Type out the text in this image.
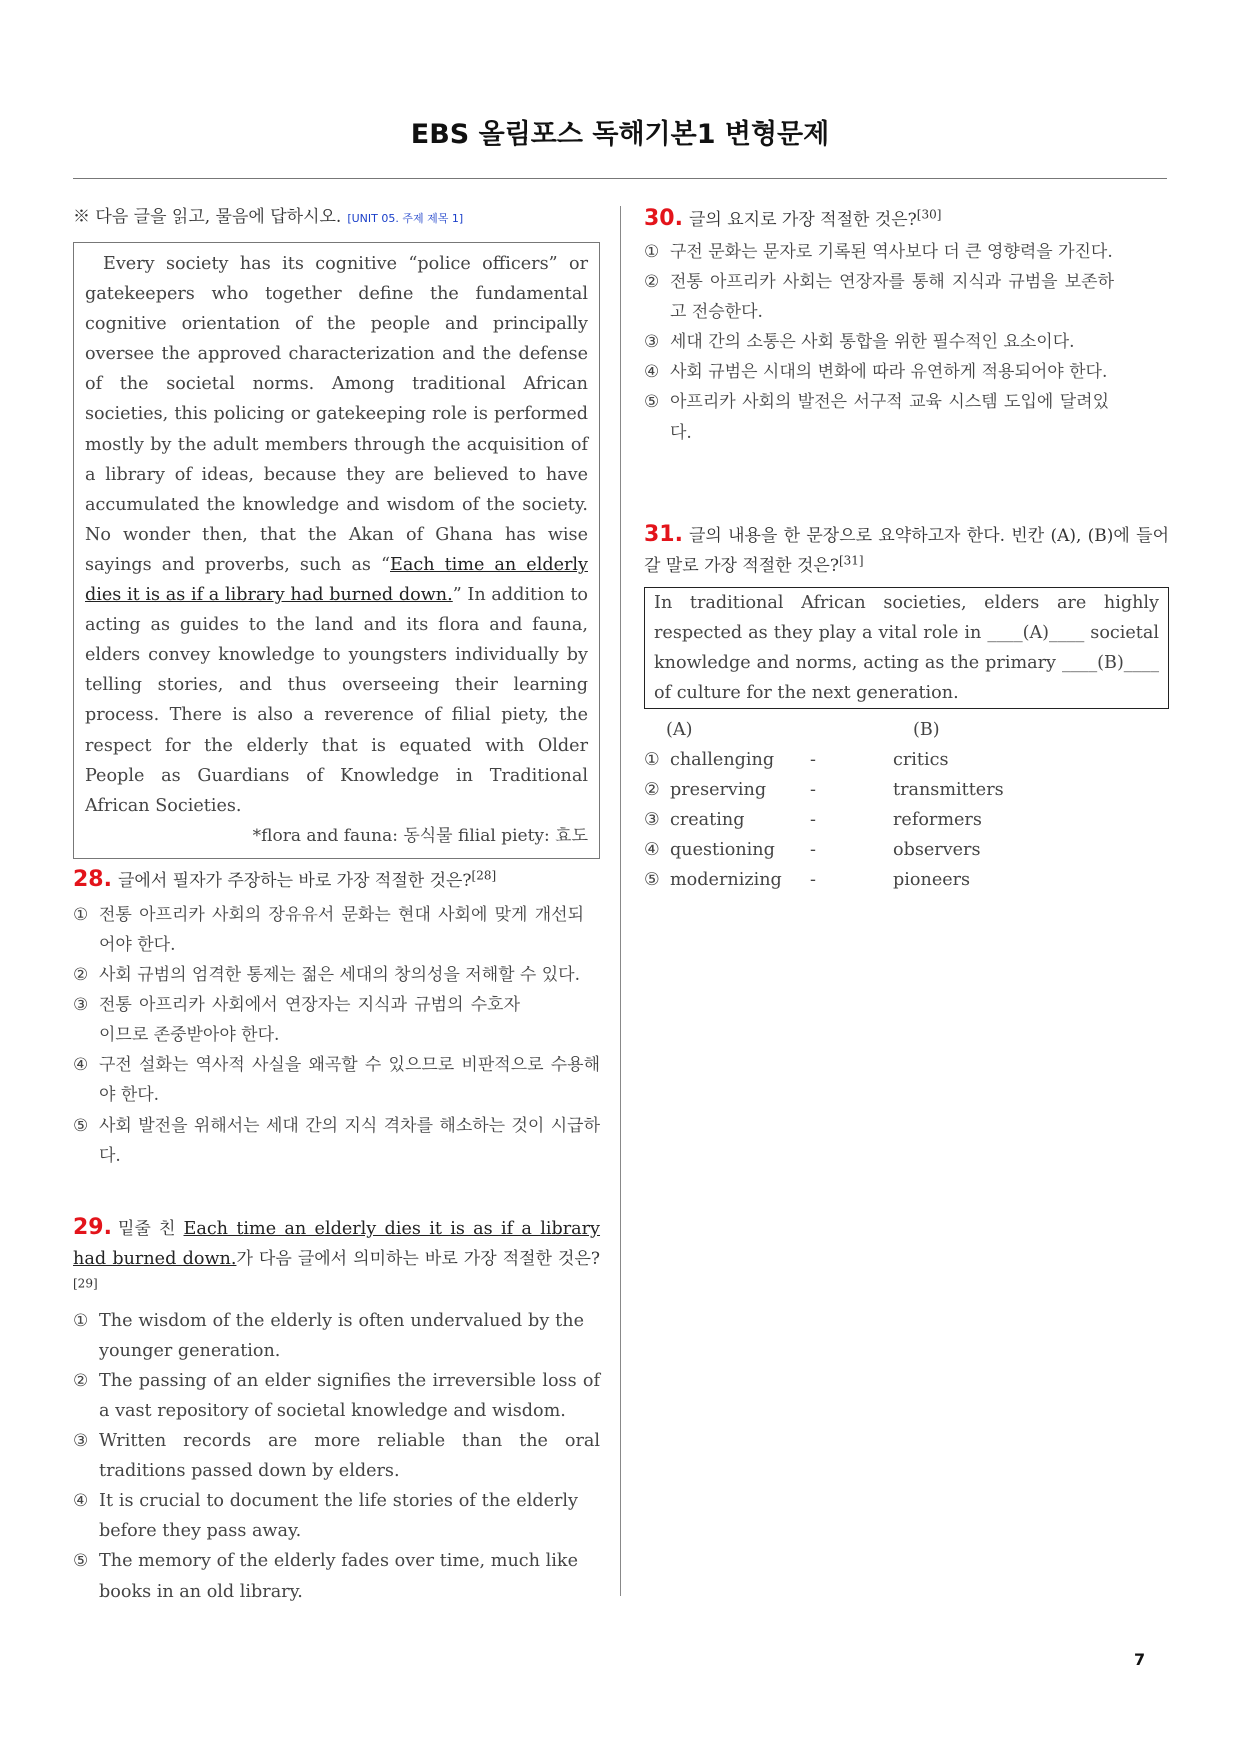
EBS 올림포스 독해기본1 변형문제
※ 다음 글을 읽고, 물음에 답하시오. [UNIT 05. 주제 제목 1]

Every society has its cognitive “police officers” or gatekeepers who together define the fundamental cognitive orientation of the people and principally oversee the approved characterization and the defense of the societal norms. Among traditional African societies, this policing or gatekeeping role is performed mostly by the adult members through the acquisition of a library of ideas, because they are believed to have accumulated the knowledge and wisdom of the society. No wonder then, that the Akan of Ghana has wise sayings and proverbs, such as “Each time an elderly dies it is as if a library had burned down.” In addition to acting as guides to the land and its flora and fauna, elders convey knowledge to youngsters individually by telling stories, and thus overseeing their learning process. There is also a reverence of filial piety, the respect for the elderly that is equated with Older People as Guardians of Knowledge in Traditional African Societies.

*flora and fauna: 동식물 filial piety: 효도
28. 글에서 필자가 주장하는 바로 가장 적절한 것은?[28]
① 전통 아프리카 사회의 장유유서 문화는 현대 사회에 맞게 개선되어야 한다.
② 사회 규범의 엄격한 통제는 젊은 세대의 창의성을 저해할 수 있다.
③ 전통 아프리카 사회에서 연장자는 지식과 규범의 수호자이므로 존중받아야 한다.
④ 구전 설화는 역사적 사실을 왜곡할 수 있으므로 비판적으로 수용해야 한다.
⑤ 사회 발전을 위해서는 세대 간의 지식 격차를 해소하는 것이 시급하다.
29. 밑줄 친 Each time an elderly dies it is as if a library had burned down.가 다음 글에서 의미하는 바로 가장 적절한 것은?[29]
① The wisdom of the elderly is often undervalued by the younger generation.
② The passing of an elder signifies the irreversible loss of a vast repository of societal knowledge and wisdom.
③ Written records are more reliable than the oral traditions passed down by elders.
④ It is crucial to document the life stories of the elderly before they pass away.
⑤ The memory of the elderly fades over time, much like books in an old library.
30. 글의 요지로 가장 적절한 것은?[30]
① 구전 문화는 문자로 기록된 역사보다 더 큰 영향력을 가진다.
② 전통 아프리카 사회는 연장자를 통해 지식과 규범을 보존하고 전승한다.
③ 세대 간의 소통은 사회 통합을 위한 필수적인 요소이다.
④ 사회 규범은 시대의 변화에 따라 유연하게 적용되어야 한다.
⑤ 아프리카 사회의 발전은 서구적 교육 시스템 도입에 달려있다.
31. 글의 내용을 한 문장으로 요약하고자 한다. 빈칸 (A), (B)에 들어갈 말로 가장 적절한 것은?[31]
In traditional African societies, elders are highly respected as they play a vital role in ____(A)____ societal knowledge and norms, acting as the primary ____(B)____ of culture for the next generation.
(A)	(B)
① challenging	-	critics
② preserving	-	transmitters
③ creating	-	reformers
④ questioning	-	observers
⑤ modernizing	-	pioneers
7
